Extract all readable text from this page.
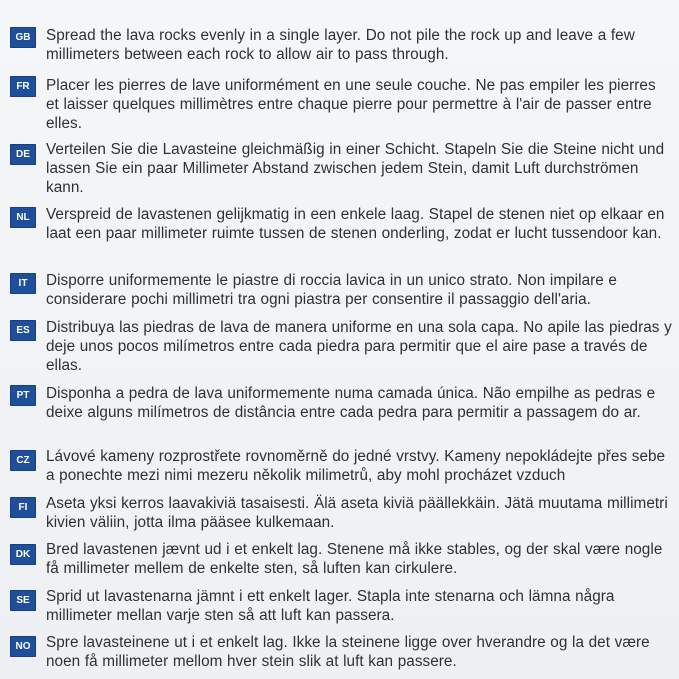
GB	Spread the lava rocks evenly in a single layer. Do not pile the rock up and leave a few millimeters between each rock to allow air to pass through.
FR	Placer les pierres de lave uniformément en une seule couche. Ne pas empiler les pierres et laisser quelques millimètres entre chaque pierre pour permettre à l'air de passer entre elles.
DE	Verteilen Sie die Lavasteine gleichmäßig in einer Schicht. Stapeln Sie die Steine nicht und lassen Sie ein paar Millimeter Abstand zwischen jedem Stein, damit Luft durchströmen kann.
NL	Verspreid de lavastenen gelijkmatig in een enkele laag. Stapel de stenen niet op elkaar en laat een paar millimeter ruimte tussen de stenen onderling, zodat er lucht tussendoor kan.
IT	Disporre uniformemente le piastre di roccia lavica in un unico strato. Non impilare e considerare pochi millimetri tra ogni piastra per consentire il passaggio dell'aria.
ES	Distribuya las piedras de lava de manera uniforme en una sola capa. No apile las piedras y deje unos pocos milímetros entre cada piedra para permitir que el aire pase a través de ellas.
PT	Disponha a pedra de lava uniformemente numa camada única. Não empilhe as pedras e deixe alguns milímetros de distância entre cada pedra para permitir a passagem do ar.
CZ	Lávové kameny rozprostřete rovnoměrně do jedné vrstvy. Kameny nepokládejte přes sebe a ponechte mezi nimi mezeru několik milimetrů, aby mohl procházet vzduch
FI	Aseta yksi kerros laavakiviä tasaisesti. Älä aseta kiviä päällekkäin. Jätä muutama millimetri kivien väliin, jotta ilma pääsee kulkemaan.
DK	Bred lavastenen jævnt ud i et enkelt lag. Stenene må ikke stables, og der skal være nogle få millimeter mellem de enkelte sten, så luften kan cirkulere.
SE	Sprid ut lavastenarna jämnt i ett enkelt lager. Stapla inte stenarna och lämna några millimeter mellan varje sten så att luft kan passera.
NO	Spre lavasteinene ut i et enkelt lag. Ikke la steinene ligge over hverandre og la det være noen få millimeter mellom hver stein slik at luft kan passere.
